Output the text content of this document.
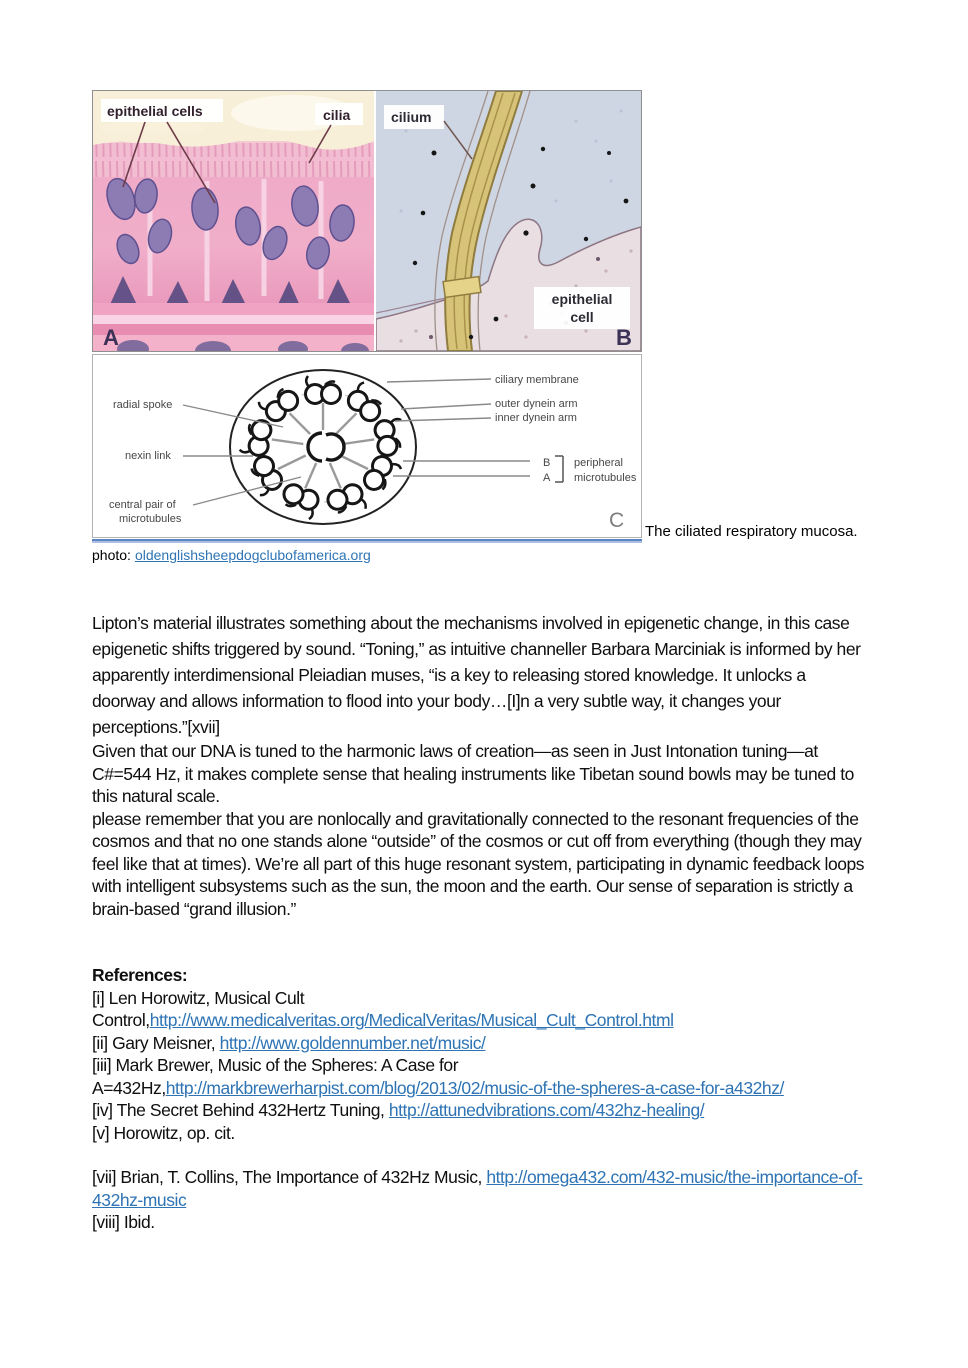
epithelial cells	cilia
A
cilium
epithelial
cell
B
radial spoke
nexin link
central pair of
microtubules
ciliary membrane
outer dynein arm
inner dynein arm
B
A
peripheral
microtubules
C The ciliated respiratory mucosa.
photo: oldenglishsheepdogclubofamerica.org

Lipton’s material illustrates something about the mechanisms involved in epigenetic change, in this case epigenetic shifts triggered by sound. “Toning,” as intuitive channeller Barbara Marciniak is informed by her apparently interdimensional Pleiadian muses, “is a key to releasing stored knowledge. It unlocks a doorway and allows information to flood into your body…[I]n a very subtle way, it changes your perceptions.”[xvii]

Given that our DNA is tuned to the harmonic laws of creation—as seen in Just Intonation tuning—at C#=544 Hz, it makes complete sense that healing instruments like Tibetan sound bowls may be tuned to this natural scale.

please remember that you are nonlocally and gravitationally connected to the resonant frequencies of the cosmos and that no one stands alone “outside” of the cosmos or cut off from everything (though they may feel like that at times). We’re all part of this huge resonant system, participating in dynamic feedback loops with intelligent subsystems such as the sun, the moon and the earth. Our sense of separation is strictly a brain-based “grand illusion.”

References:
[i] Len Horowitz, Musical Cult Control,http://www.medicalveritas.org/MedicalVeritas/Musical_Cult_Control.html
[ii] Gary Meisner, http://www.goldennumber.net/music/
[iii] Mark Brewer, Music of the Spheres: A Case for A=432Hz,http://markbrewerharpist.com/blog/2013/02/music-of-the-spheres-a-case-for-a432hz/
[iv] The Secret Behind 432Hertz Tuning, http://attunedvibrations.com/432hz-healing/
[v] Horowitz, op. cit.
[vii] Brian, T. Collins, The Importance of 432Hz Music, http://omega432.com/432-music/the-importance-of-432hz-music
[viii] Ibid.
